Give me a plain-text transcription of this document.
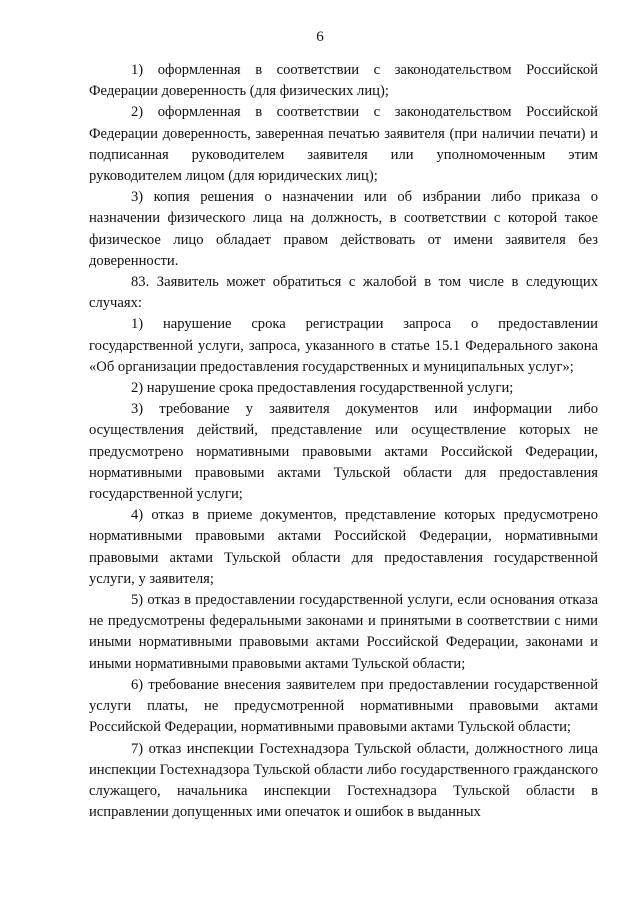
6

1) оформленная в соответствии с законодательством Российской Федерации доверенность (для физических лиц);

2) оформленная в соответствии с законодательством Российской Федерации доверенность, заверенная печатью заявителя (при наличии печати) и подписанная руководителем заявителя или уполномоченным этим руководителем лицом (для юридических лиц);

3) копия решения о назначении или об избрании либо приказа о назначении физического лица на должность, в соответствии с которой такое физическое лицо обладает правом действовать от имени заявителя без доверенности.

83. Заявитель может обратиться с жалобой в том числе в следующих случаях:

1) нарушение срока регистрации запроса о предоставлении государственной услуги, запроса, указанного в статье 15.1 Федерального закона «Об организации предоставления государственных и муниципальных услуг»;

2) нарушение срока предоставления государственной услуги;

3) требование у заявителя документов или информации либо осуществления действий, представление или осуществление которых не предусмотрено нормативными правовыми актами Российской Федерации, нормативными правовыми актами Тульской области для предоставления государственной услуги;

4) отказ в приеме документов, представление которых предусмотрено нормативными правовыми актами Российской Федерации, нормативными правовыми актами Тульской области для предоставления государственной услуги, у заявителя;

5) отказ в предоставлении государственной услуги, если основания отказа не предусмотрены федеральными законами и принятыми в соответствии с ними иными нормативными правовыми актами Российской Федерации, законами и иными нормативными правовыми актами Тульской области;

6) требование внесения заявителем при предоставлении государственной услуги платы, не предусмотренной нормативными правовыми актами Российской Федерации, нормативными правовыми актами Тульской области;

7) отказ инспекции Гостехнадзора Тульской области, должностного лица инспекции Гостехнадзора Тульской области либо государственного гражданского служащего, начальника инспекции Гостехнадзора Тульской области в исправлении допущенных ими опечаток и ошибок в выданных
